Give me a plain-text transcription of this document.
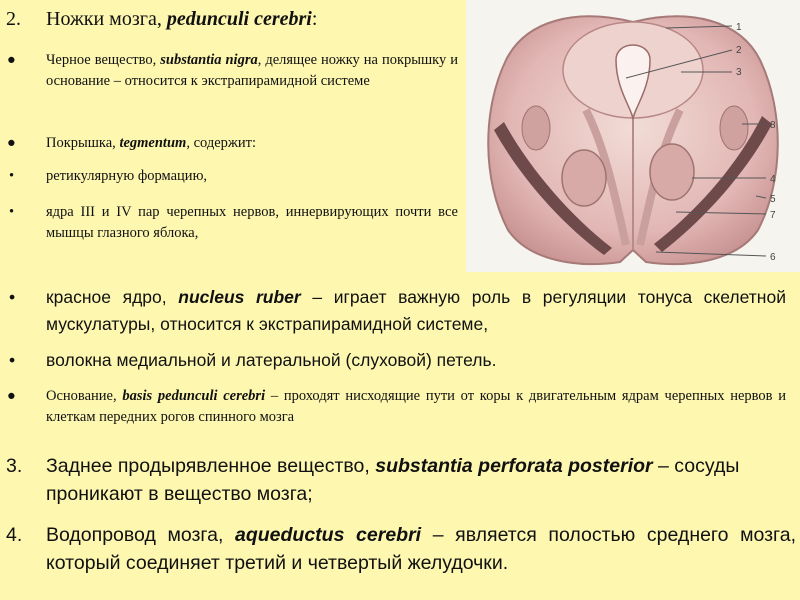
2. Ножки мозга, pedunculi cerebri:
● Черное вещество, substantia nigra, делящее ножку на покрышку и основание – относится к экстрапирамидной системе
● Покрышка, tegmentum, содержит:
• ретикулярную формацию,
• ядра III и IV пар черепных нервов, иннервирующих почти все мышцы глазного яблока,
1
2
3
8
4
5
7
6
• красное ядро, nucleus ruber – играет важную роль в регуляции тонуса скелетной мускулатуры, относится к экстрапирамидной системе,
• волокна медиальной и латеральной (слуховой) петель.
● Основание, basis pedunculi cerebri – проходят нисходящие пути от коры к двигательным ядрам черепных нервов и клеткам передних рогов спинного мозга
3. Заднее продырявленное вещество, substantia perforata posterior – сосуды проникают в вещество мозга;
4. Водопровод мозга, aqueductus cerebri – является полостью среднего мозга, который соединяет третий и четвертый желудочки.
